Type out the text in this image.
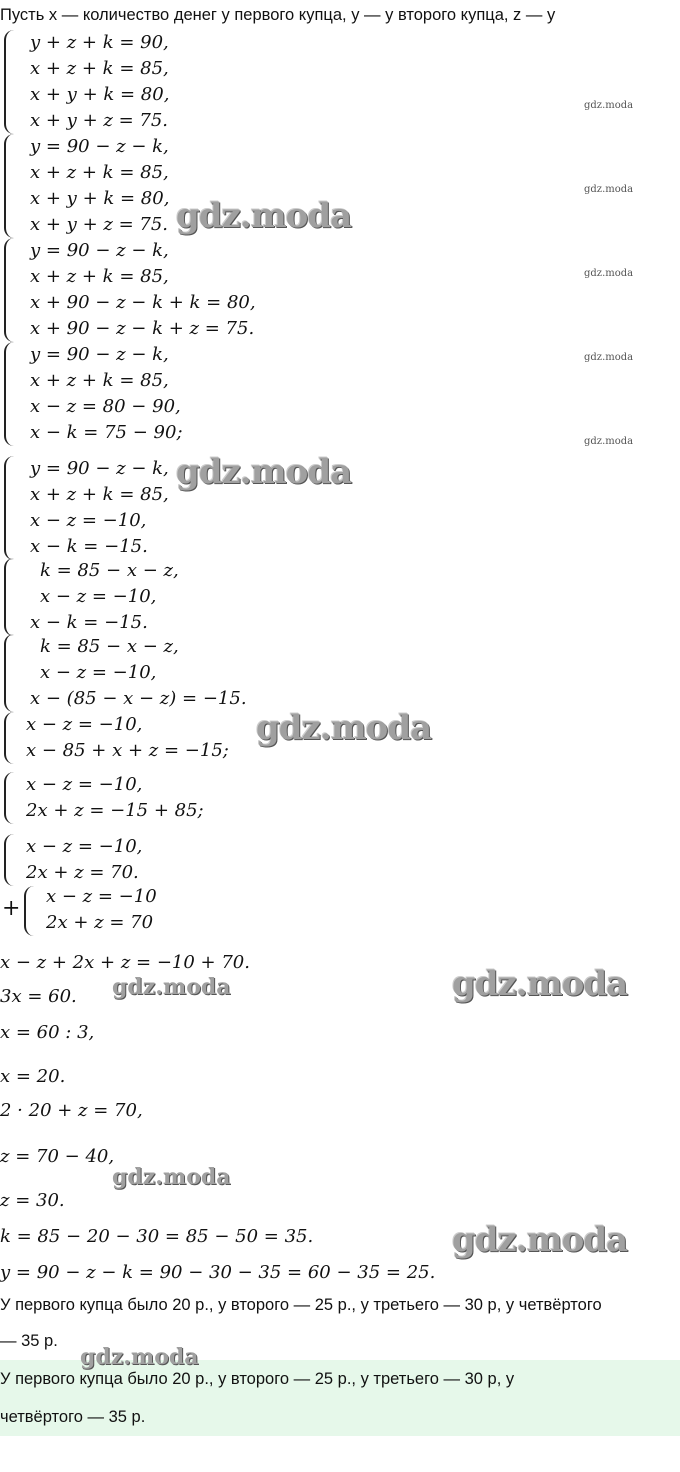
Пусть x — количество денег у первого купца, y — у второго купца, z — у
y + z + k = 90,
x + z + k = 85,
x + y + k = 80,
x + y + z = 75.
y = 90 − z − k,
x + z + k = 85,
x + y + k = 80,
x + y + z = 75.
y = 90 − z − k,
x + z + k = 85,
x + 90 − z − k + k = 80,
x + 90 − z − k + z = 75.
y = 90 − z − k,
x + z + k = 85,
x − z = 80 − 90,
x − k = 75 − 90;
y = 90 − z − k,
x + z + k = 85,
x − z = −10,
x − k = −15.
k = 85 − x − z,
x − z = −10,
x − k = −15.
k = 85 − x − z,
x − z = −10,
x − (85 − x − z) = −15.
x − z = −10,
x − 85 + x + z = −15;
x − z = −10,
2x + z = −15 + 85;
x − z = −10,
2x + z = 70.
+ x − z = −10
2x + z = 70
x − z + 2x + z = −10 + 70.
3x = 60.
x = 60 : 3,
x = 20.
2 · 20 + z = 70,
z = 70 − 40,
z = 30.
k = 85 − 20 − 30 = 85 − 50 = 35.
y = 90 − z − k = 90 − 30 − 35 = 60 − 35 = 25.
У первого купца было 20 р., у второго — 25 р., у третьего — 30 р, у четвёртого
— 35 р.
У первого купца было 20 р., у второго — 25 р., у третьего — 30 р, у
четвёртого — 35 р.
gdz.moda
gdz.moda
gdz.moda
gdz.moda
gdz.moda
gdz.moda
gdz.moda
gdz.moda
gdz.moda
gdz.moda
gdz.moda
gdz.moda
gdz.moda
